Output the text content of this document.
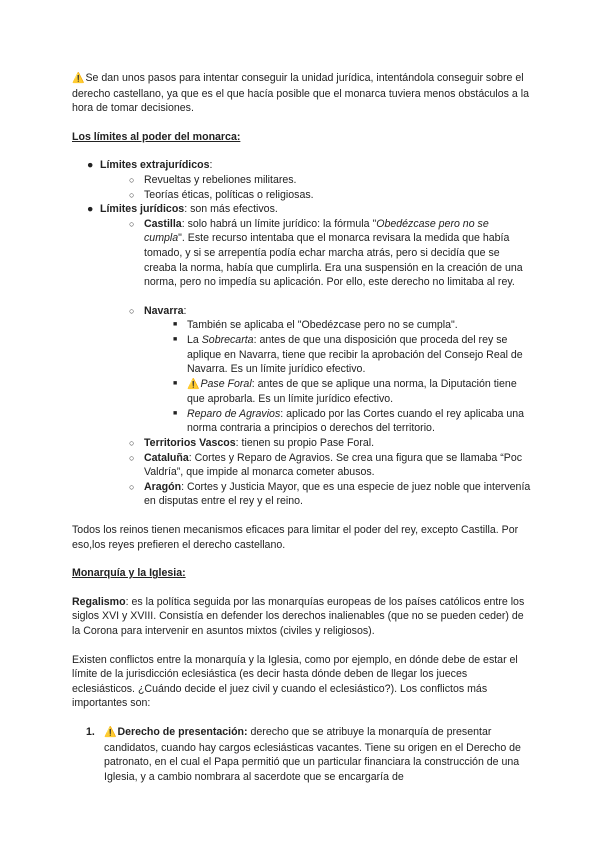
⚠️Se dan unos pasos para intentar conseguir la unidad jurídica, intentándola conseguir sobre el derecho castellano, ya que es el que hacía posible que el monarca tuviera menos obstáculos a la hora de tomar decisiones.

Los límites al poder del monarca:

● Límites extrajurídicos:
○ Revueltas y rebeliones militares.
○ Teorías éticas, políticas o religiosas.
● Límites jurídicos: son más efectivos.
○ Castilla: solo habrá un límite jurídico: la fórmula "Obedézcase pero no se cumpla". Este recurso intentaba que el monarca revisara la medida que había tomado, y si se arrepentía podía echar marcha atrás, pero si decidía que se creaba la norma, había que cumplirla. Era una suspensión en la creación de una norma, pero no impedía su aplicación. Por ello, este derecho no limitaba al rey.
○ Navarra:
■ También se aplicaba el "Obedézcase pero no se cumpla".
■ La Sobrecarta: antes de que una disposición que proceda del rey se aplique en Navarra, tiene que recibir la aprobación del Consejo Real de Navarra. Es un límite jurídico efectivo.
■ ⚠️Pase Foral: antes de que se aplique una norma, la Diputación tiene que aprobarla. Es un límite jurídico efectivo.
■ Reparo de Agravios: aplicado por las Cortes cuando el rey aplicaba una norma contraria a principios o derechos del territorio.
○ Territorios Vascos: tienen su propio Pase Foral.
○ Cataluña: Cortes y Reparo de Agravios. Se crea una figura que se llamaba “Poc Valdría”, que impide al monarca cometer abusos.
○ Aragón: Cortes y Justicia Mayor, que es una especie de juez noble que intervenía en disputas entre el rey y el reino.

Todos los reinos tienen mecanismos eficaces para limitar el poder del rey, excepto Castilla. Por eso,los reyes prefieren el derecho castellano.

Monarquía y la Iglesia:

Regalismo: es la política seguida por las monarquías europeas de los países católicos entre los siglos XVI y XVIII. Consistía en defender los derechos inalienables (que no se pueden ceder) de la Corona para intervenir en asuntos mixtos (civiles y religiosos).

Existen conflictos entre la monarquía y la Iglesia, como por ejemplo, en dónde debe de estar el límite de la jurisdicción eclesiástica (es decir hasta dónde deben de llegar los jueces eclesiásticos. ¿Cuándo decide el juez civil y cuando el eclesiástico?). Los conflictos más importantes son:

1. ⚠️Derecho de presentación: derecho que se atribuye la monarquía de presentar candidatos, cuando hay cargos eclesiásticas vacantes. Tiene su origen en el Derecho de patronato, en el cual el Papa permitió que un particular financiara la construcción de una Iglesia, y a cambio nombrara al sacerdote que se encargaría de
